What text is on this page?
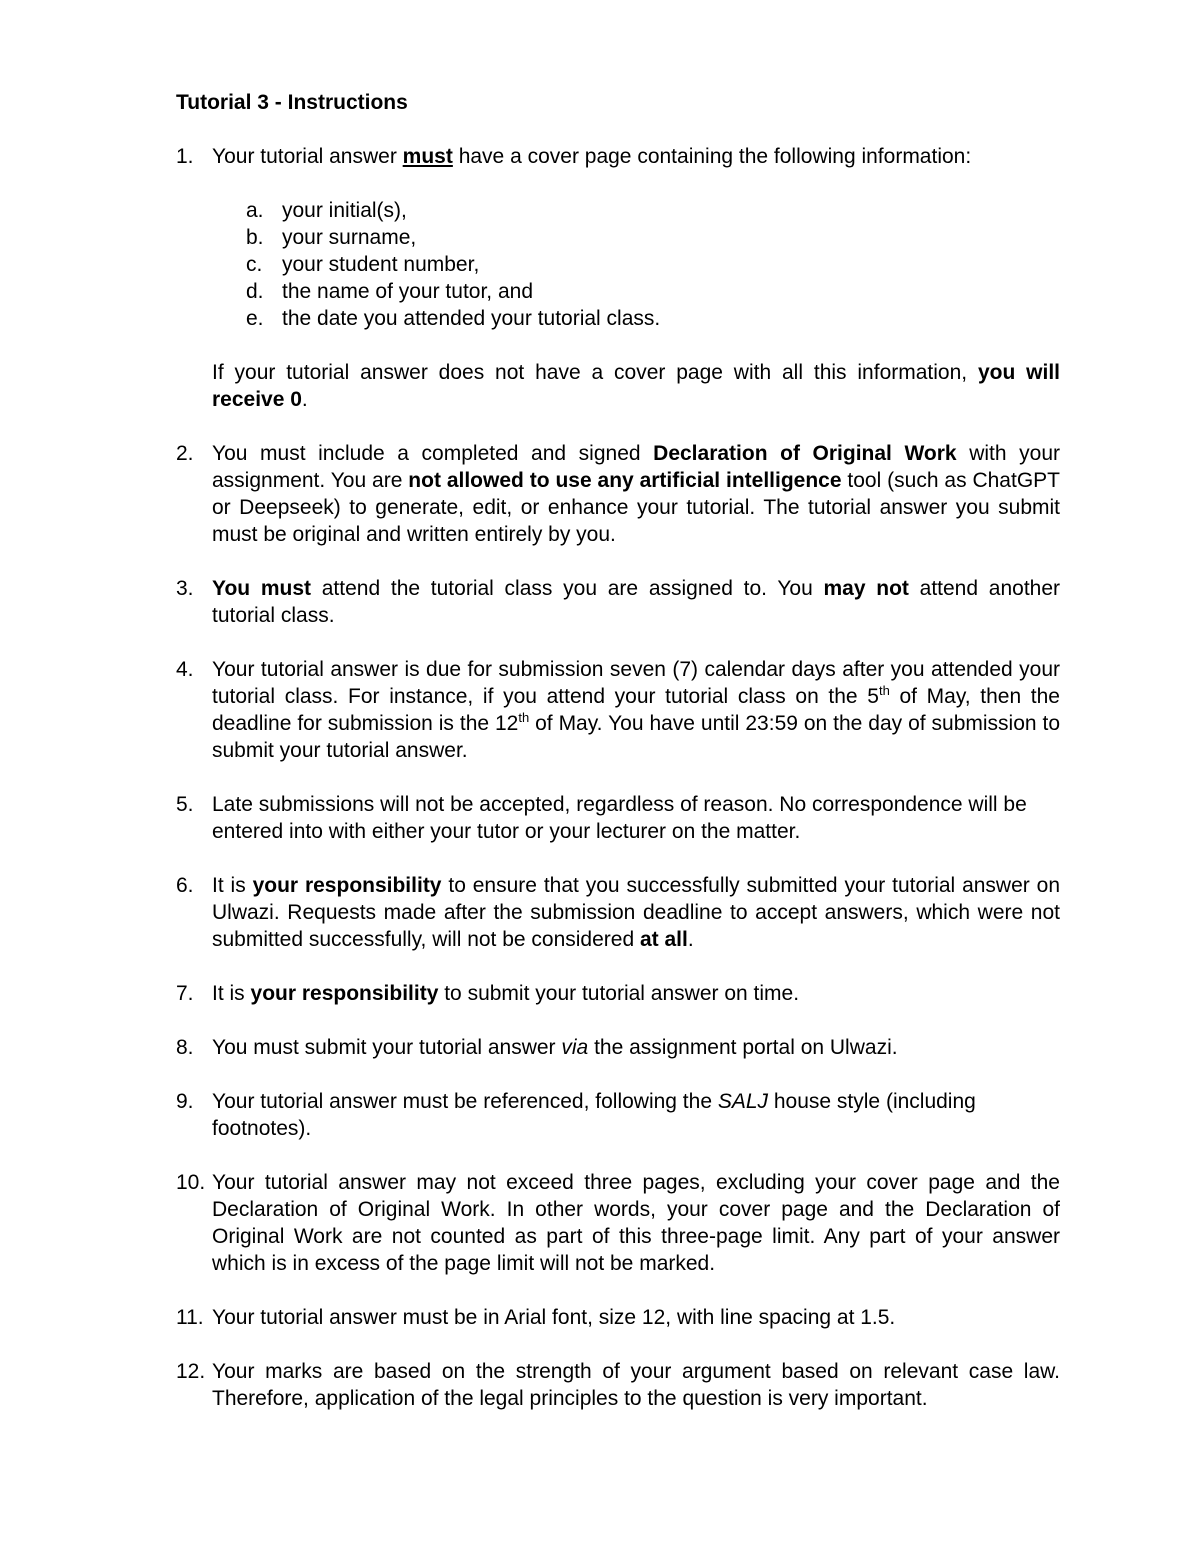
Tutorial 3 - Instructions
1. Your tutorial answer must have a cover page containing the following information:

a. your initial(s),
b. your surname,
c. your student number,
d. the name of your tutor, and
e. the date you attended your tutorial class.

If your tutorial answer does not have a cover page with all this information, you will receive 0.

2. You must include a completed and signed Declaration of Original Work with your assignment. You are not allowed to use any artificial intelligence tool (such as ChatGPT or Deepseek) to generate, edit, or enhance your tutorial. The tutorial answer you submit must be original and written entirely by you.

3. You must attend the tutorial class you are assigned to. You may not attend another tutorial class.

4. Your tutorial answer is due for submission seven (7) calendar days after you attended your tutorial class. For instance, if you attend your tutorial class on the 5th of May, then the deadline for submission is the 12th of May. You have until 23:59 on the day of submission to submit your tutorial answer.

5. Late submissions will not be accepted, regardless of reason. No correspondence will be entered into with either your tutor or your lecturer on the matter.

6. It is your responsibility to ensure that you successfully submitted your tutorial answer on Ulwazi. Requests made after the submission deadline to accept answers, which were not submitted successfully, will not be considered at all.

7. It is your responsibility to submit your tutorial answer on time.

8. You must submit your tutorial answer via the assignment portal on Ulwazi.

9. Your tutorial answer must be referenced, following the SALJ house style (including footnotes).

10. Your tutorial answer may not exceed three pages, excluding your cover page and the Declaration of Original Work. In other words, your cover page and the Declaration of Original Work are not counted as part of this three-page limit. Any part of your answer which is in excess of the page limit will not be marked.

11. Your tutorial answer must be in Arial font, size 12, with line spacing at 1.5.

12. Your marks are based on the strength of your argument based on relevant case law. Therefore, application of the legal principles to the question is very important.
